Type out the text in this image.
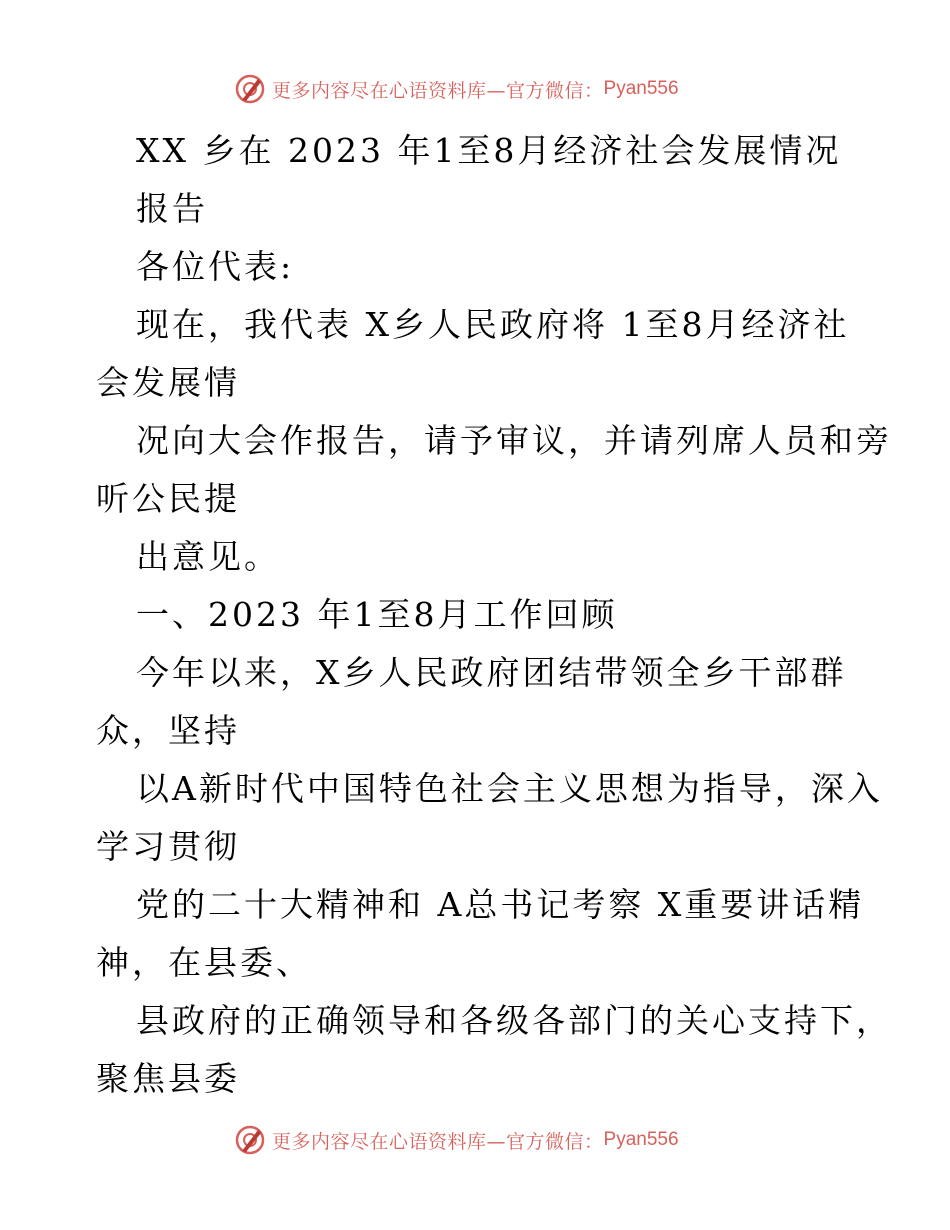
更多内容尽在心语资料库—官方微信： Pyan556
XX 乡在 2023 年1至8月经济社会发展情况
报告
各位代表:
现在，我代表 X乡人民政府将 1至8月经济社
会发展情
况向大会作报告，请予审议，并请列席人员和旁
听公民提
出意见。
一、2023 年1至8月工作回顾
今年以来，X乡人民政府团结带领全乡干部群
众，坚持
以A新时代中国特色社会主义思想为指导，深入
学习贯彻
党的二十大精神和 A总书记考察 X重要讲话精
神，在县委、
县政府的正确领导和各级各部门的关心支持下，
聚焦县委
更多内容尽在心语资料库—官方微信： Pyan556
